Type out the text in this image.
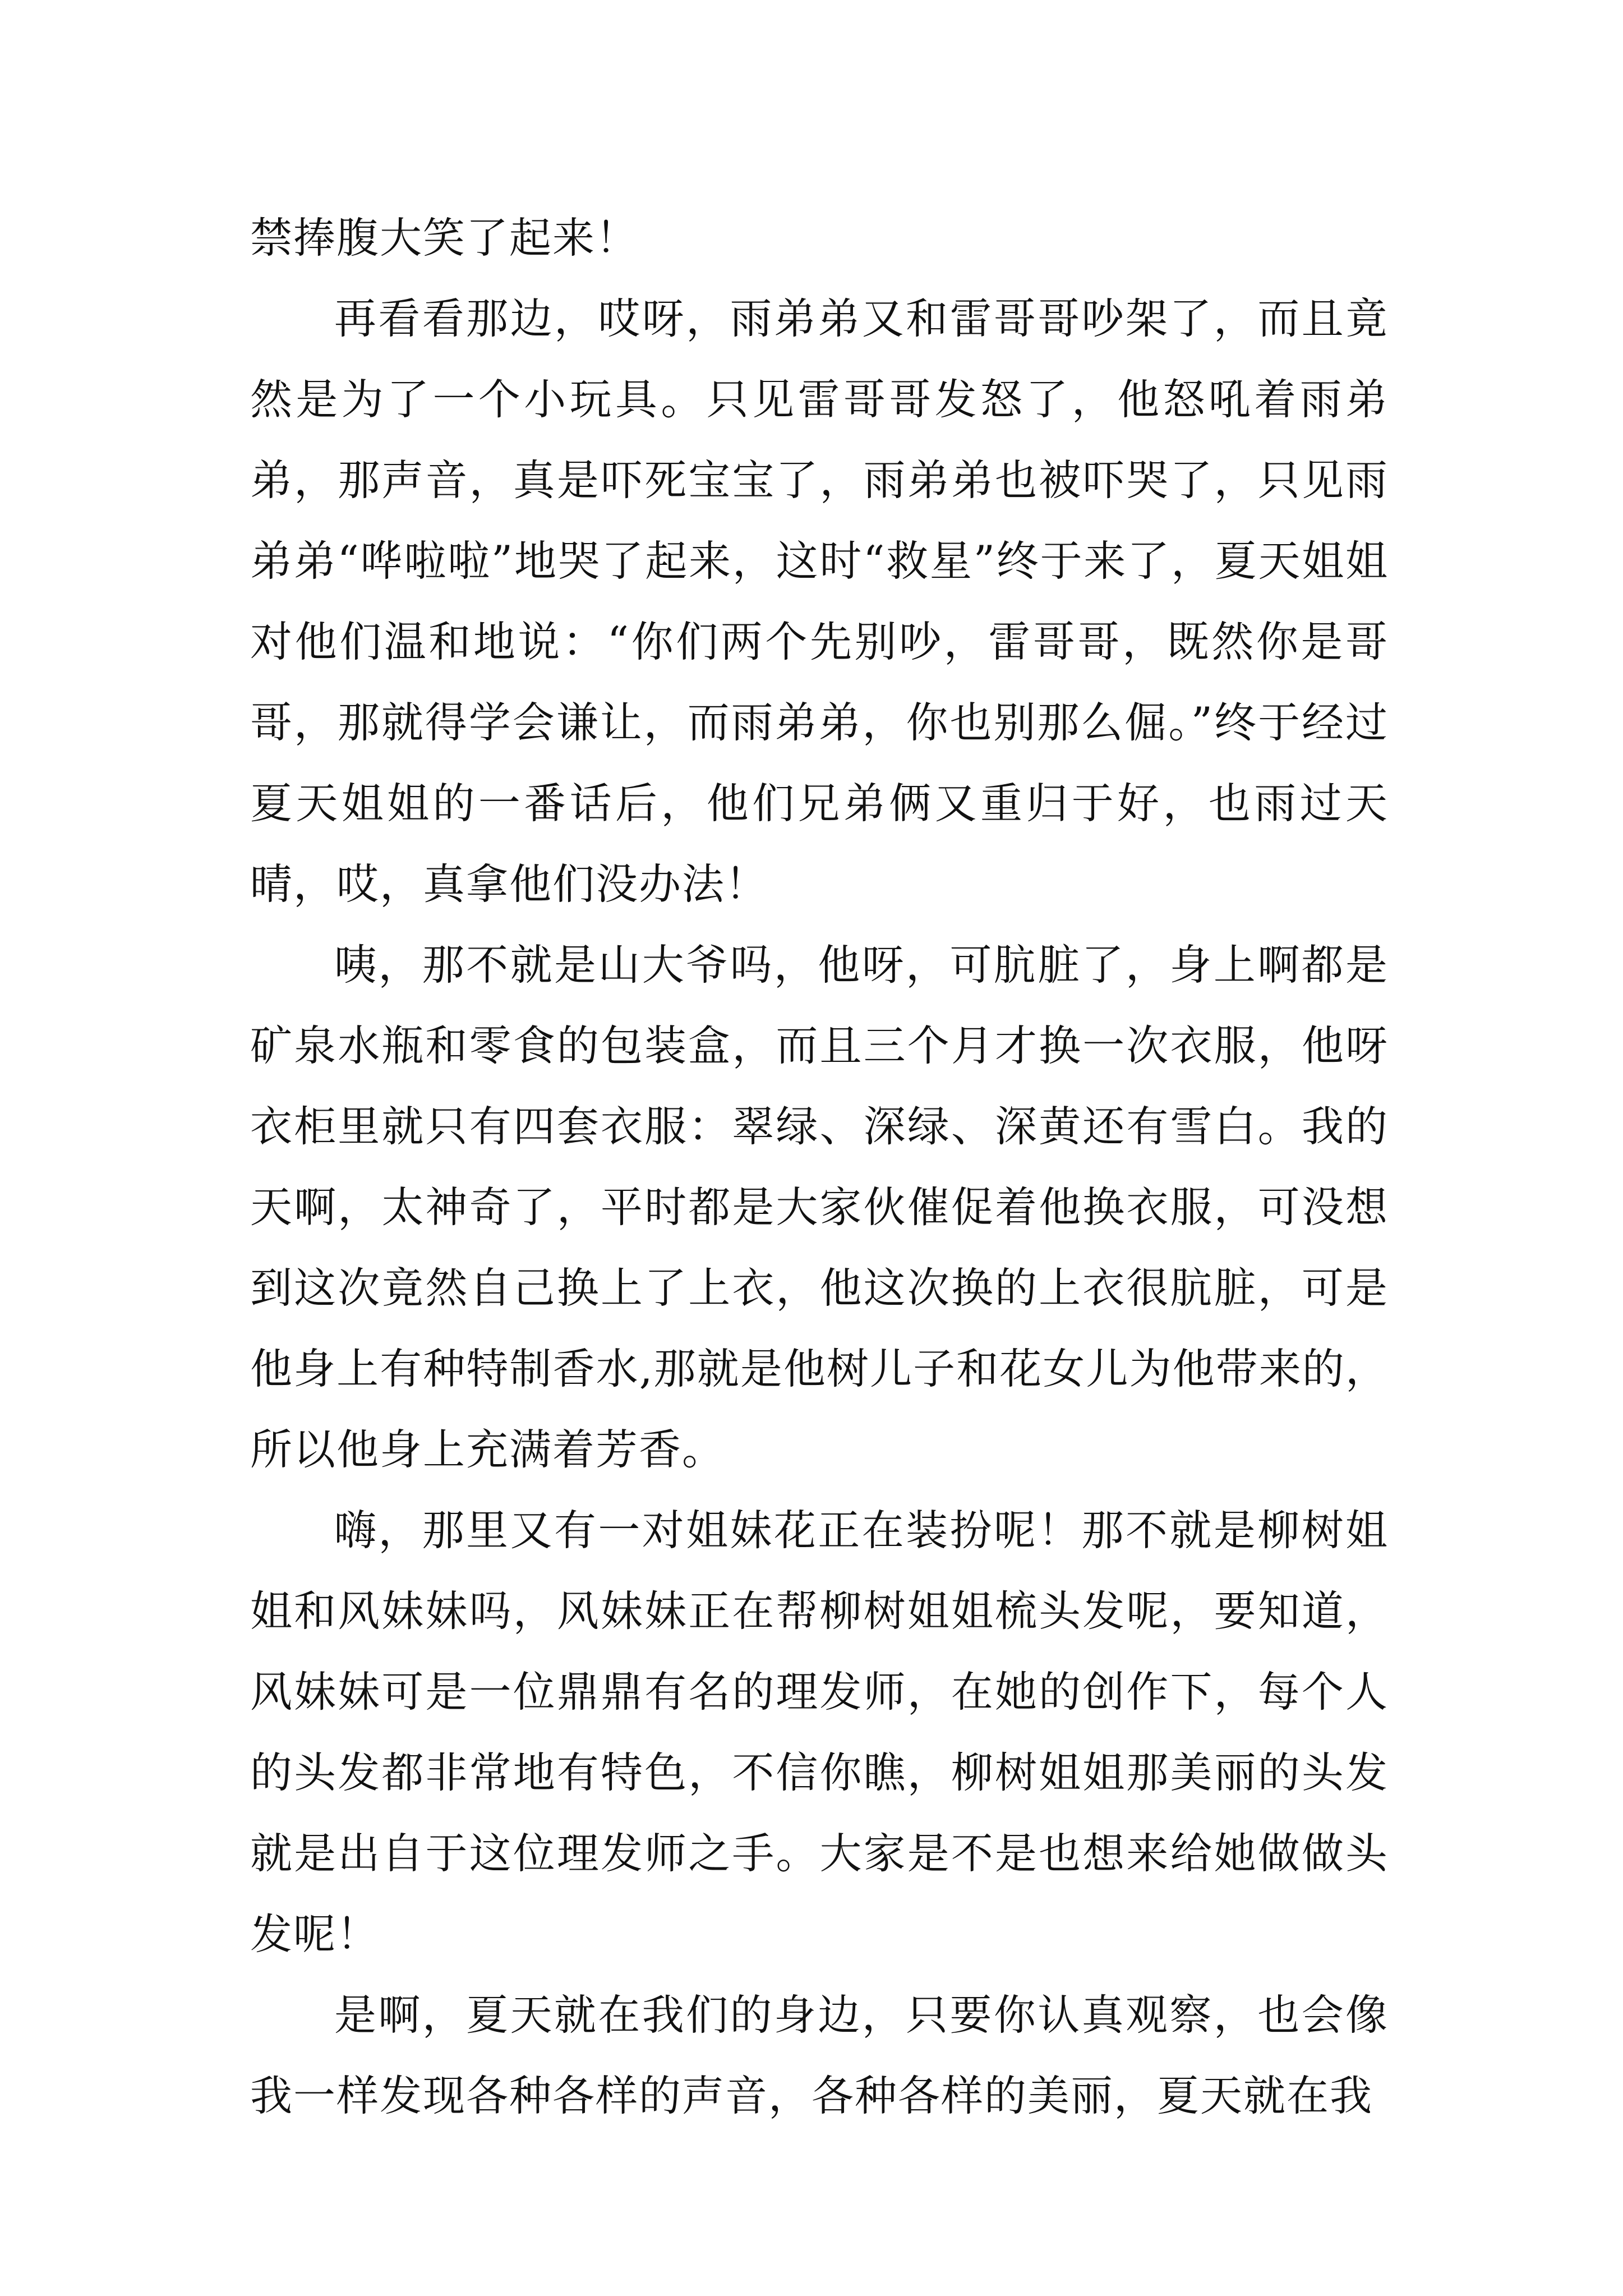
禁捧腹大笑了起来！

再看看那边，哎呀，雨弟弟又和雷哥哥吵架了，而且竟然是为了一个小玩具。只见雷哥哥发怒了，他怒吼着雨弟弟，那声音，真是吓死宝宝了，雨弟弟也被吓哭了，只见雨弟弟“哗啦啦”地哭了起来，这时“救星”终于来了，夏天姐姐对他们温和地说：“你们两个先别吵，雷哥哥，既然你是哥哥，那就得学会谦让，而雨弟弟，你也别那么倔。”终于经过夏天姐姐的一番话后，他们兄弟俩又重归于好，也雨过天晴，哎，真拿他们没办法！

咦，那不就是山大爷吗，他呀，可肮脏了，身上啊都是矿泉水瓶和零食的包装盒，而且三个月才换一次衣服，他呀衣柜里就只有四套衣服：翠绿、深绿、深黄还有雪白。我的天啊，太神奇了，平时都是大家伙催促着他换衣服，可没想到这次竟然自己换上了上衣，他这次换的上衣很肮脏，可是他身上有种特制香水,那就是他树儿子和花女儿为他带来的，所以他身上充满着芳香。

嗨，那里又有一对姐妹花正在装扮呢！那不就是柳树姐姐和风妹妹吗，风妹妹正在帮柳树姐姐梳头发呢，要知道，风妹妹可是一位鼎鼎有名的理发师，在她的创作下，每个人的头发都非常地有特色，不信你瞧，柳树姐姐那美丽的头发就是出自于这位理发师之手。大家是不是也想来给她做做头发呢！

是啊，夏天就在我们的身边，只要你认真观察，也会像我一样发现各种各样的声音，各种各样的美丽，夏天就在我
